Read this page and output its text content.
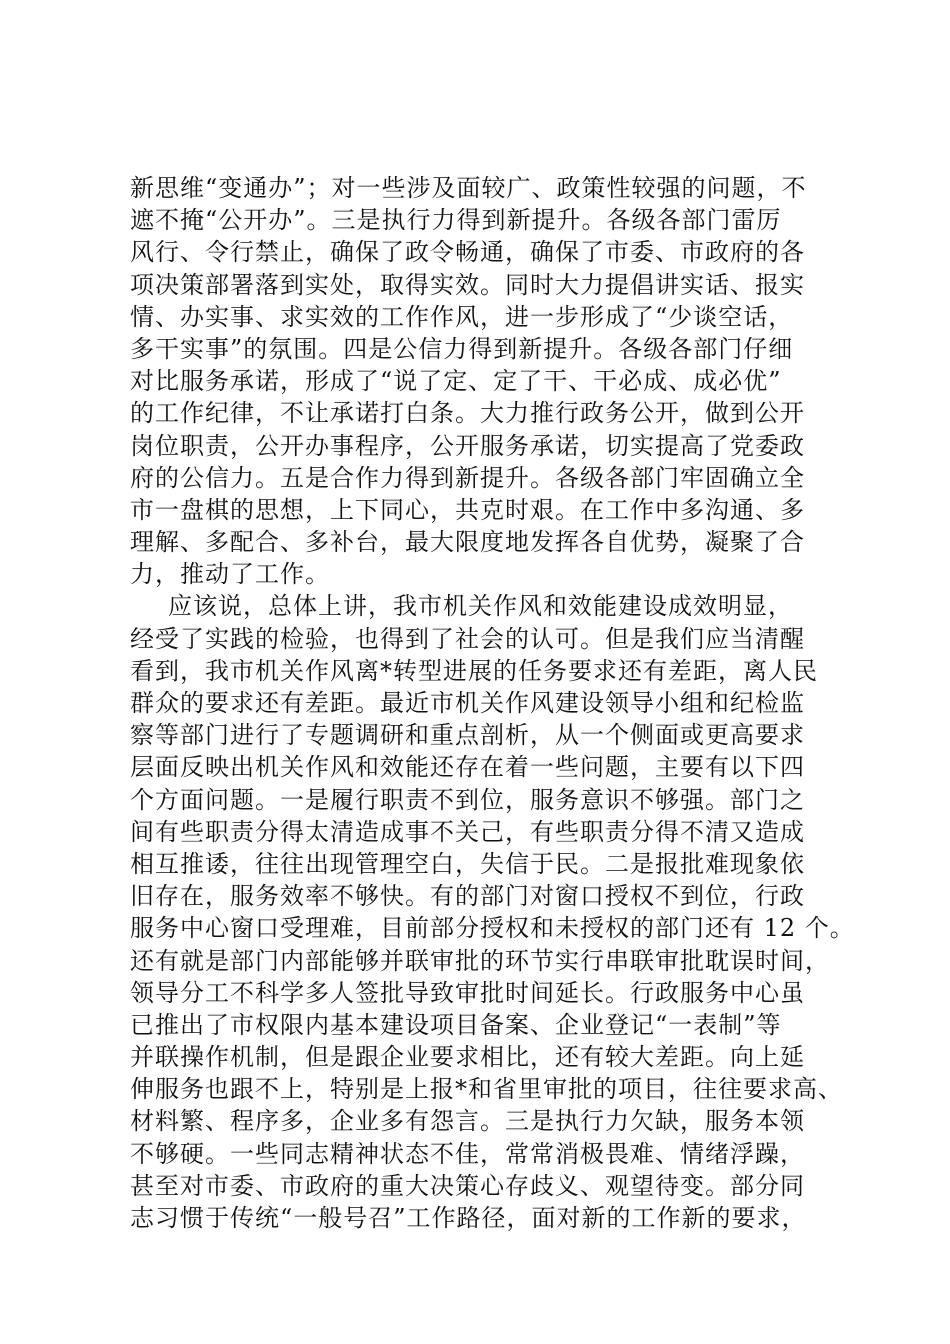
新思维“变通办”；对一些涉及面较广、政策性较强的问题，不
遮不掩“公开办”。三是执行力得到新提升。各级各部门雷厉
风行、令行禁止，确保了政令畅通，确保了市委、市政府的各
项决策部署落到实处，取得实效。同时大力提倡讲实话、报实
情、办实事、求实效的工作作风，进一步形成了“少谈空话，
多干实事”的氛围。四是公信力得到新提升。各级各部门仔细
对比服务承诺，形成了“说了定、定了干、干必成、成必优”
的工作纪律，不让承诺打白条。大力推行政务公开，做到公开
岗位职责，公开办事程序，公开服务承诺，切实提高了党委政
府的公信力。五是合作力得到新提升。各级各部门牢固确立全
市一盘棋的思想，上下同心，共克时艰。在工作中多沟通、多
理解、多配合、多补台，最大限度地发挥各自优势，凝聚了合
力，推动了工作。
应该说，总体上讲，我市机关作风和效能建设成效明显，
经受了实践的检验，也得到了社会的认可。但是我们应当清醒
看到，我市机关作风离*转型进展的任务要求还有差距，离人民
群众的要求还有差距。最近市机关作风建设领导小组和纪检监
察等部门进行了专题调研和重点剖析，从一个侧面或更高要求
层面反映出机关作风和效能还存在着一些问题，主要有以下四
个方面问题。一是履行职责不到位，服务意识不够强。部门之
间有些职责分得太清造成事不关己，有些职责分得不清又造成
相互推诿，往往出现管理空白，失信于民。二是报批难现象依
旧存在，服务效率不够快。有的部门对窗口授权不到位，行政
服务中心窗口受理难，目前部分授权和未授权的部门还有 12 个。
还有就是部门内部能够并联审批的环节实行串联审批耽误时间，
领导分工不科学多人签批导致审批时间延长。行政服务中心虽
已推出了市权限内基本建设项目备案、企业登记“一表制”等
并联操作机制，但是跟企业要求相比，还有较大差距。向上延
伸服务也跟不上，特别是上报*和省里审批的项目，往往要求高、
材料繁、程序多，企业多有怨言。三是执行力欠缺，服务本领
不够硬。一些同志精神状态不佳，常常消极畏难、情绪浮躁，
甚至对市委、市政府的重大决策心存歧义、观望待变。部分同
志习惯于传统“一般号召”工作路径，面对新的工作新的要求，
